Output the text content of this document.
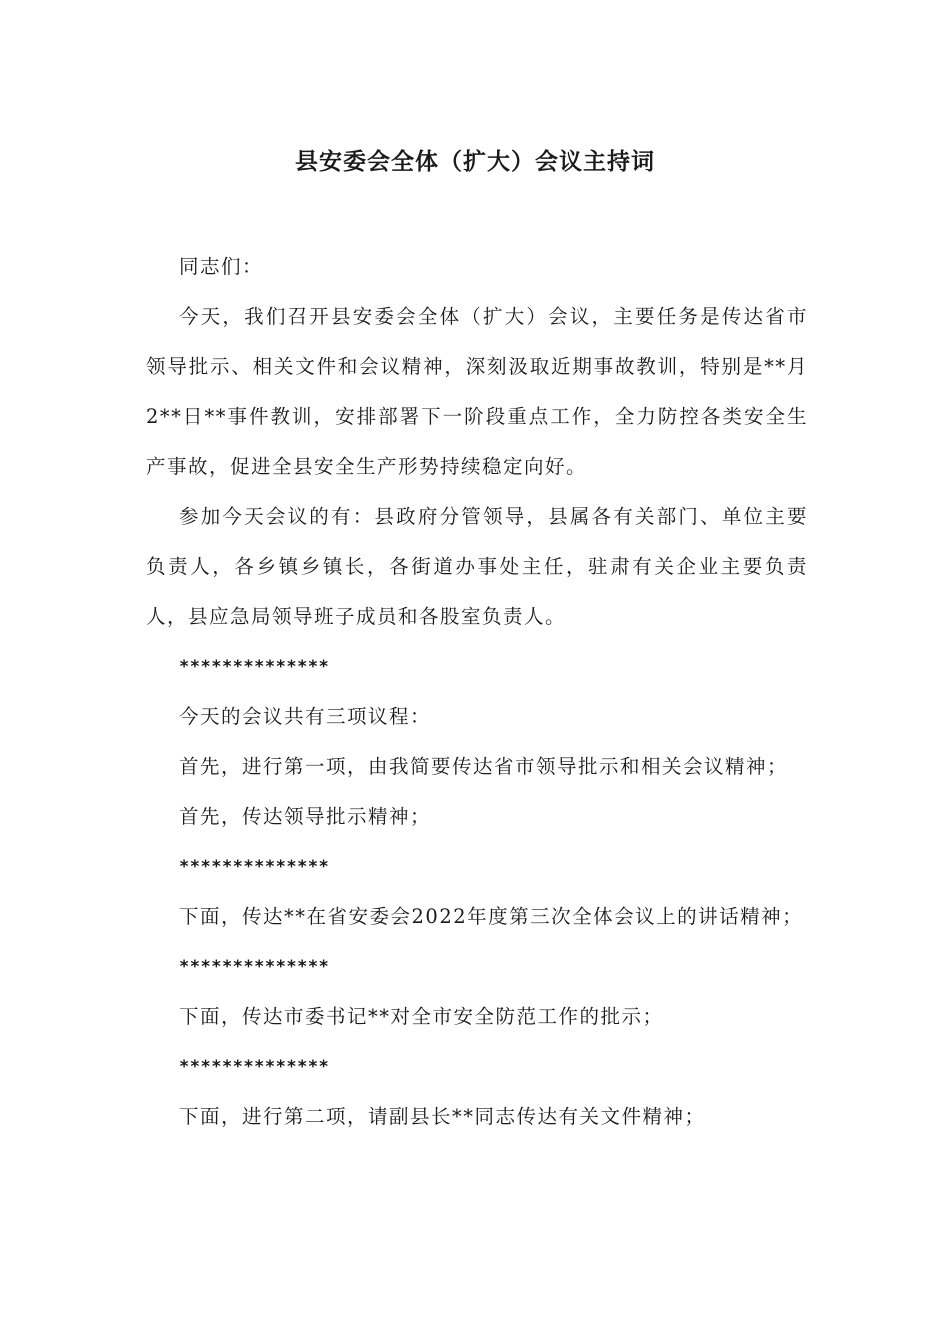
县安委会全体（扩大）会议主持词

同志们：

今天，我们召开县安委会全体（扩大）会议，主要任务是传达省市领导批示、相关文件和会议精神，深刻汲取近期事故教训，特别是**月2**日**事件教训，安排部署下一阶段重点工作，全力防控各类安全生产事故，促进全县安全生产形势持续稳定向好。

参加今天会议的有：县政府分管领导，县属各有关部门、单位主要负责人，各乡镇乡镇长，各街道办事处主任，驻肃有关企业主要负责人，县应急局领导班子成员和各股室负责人。

**************

今天的会议共有三项议程：

首先，进行第一项，由我简要传达省市领导批示和相关会议精神；

首先，传达领导批示精神；

**************

下面，传达**在省安委会2022年度第三次全体会议上的讲话精神；

**************

下面，传达市委书记**对全市安全防范工作的批示；

**************

下面，进行第二项，请副县长**同志传达有关文件精神；
